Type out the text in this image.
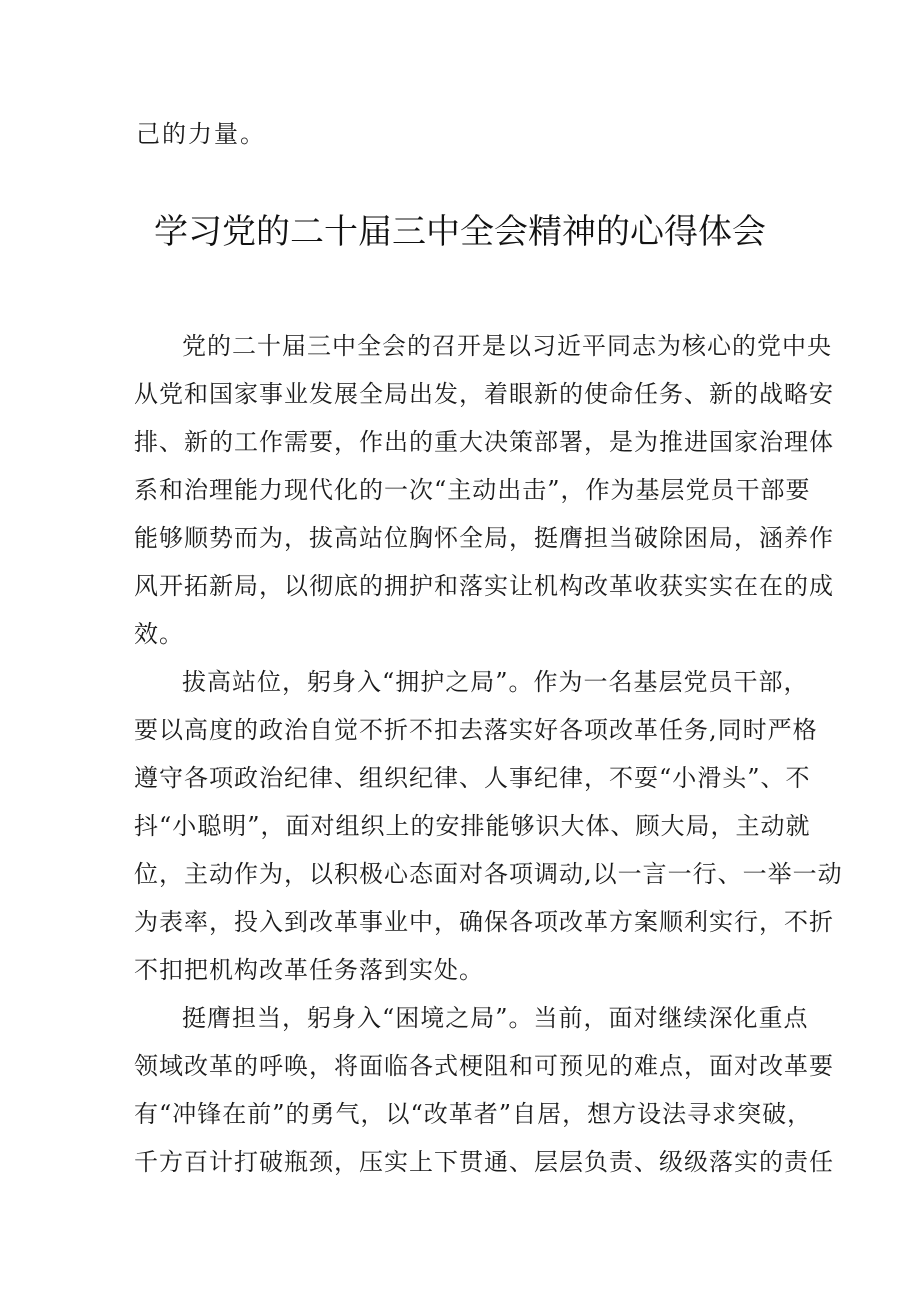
己的力量。
学习党的二十届三中全会精神的心得体会
党的二十届三中全会的召开是以习近平同志为核心的党中央
从党和国家事业发展全局出发，着眼新的使命任务、新的战略安
排、新的工作需要，作出的重大决策部署，是为推进国家治理体
系和治理能力现代化的一次“主动出击”，作为基层党员干部要
能够顺势而为，拔高站位胸怀全局，挺膺担当破除困局，涵养作
风开拓新局，以彻底的拥护和落实让机构改革收获实实在在的成
效。
拔高站位，躬身入“拥护之局”。作为一名基层党员干部，
要以高度的政治自觉不折不扣去落实好各项改革任务,同时严格
遵守各项政治纪律、组织纪律、人事纪律，不耍“小滑头”、不
抖“小聪明”，面对组织上的安排能够识大体、顾大局，主动就
位，主动作为，以积极心态面对各项调动,以一言一行、一举一动
为表率，投入到改革事业中，确保各项改革方案顺利实行，不折
不扣把机构改革任务落到实处。
挺膺担当，躬身入“困境之局”。当前，面对继续深化重点
领域改革的呼唤，将面临各式梗阻和可预见的难点，面对改革要
有“冲锋在前”的勇气，以“改革者”自居，想方设法寻求突破，
千方百计打破瓶颈，压实上下贯通、层层负责、级级落实的责任
